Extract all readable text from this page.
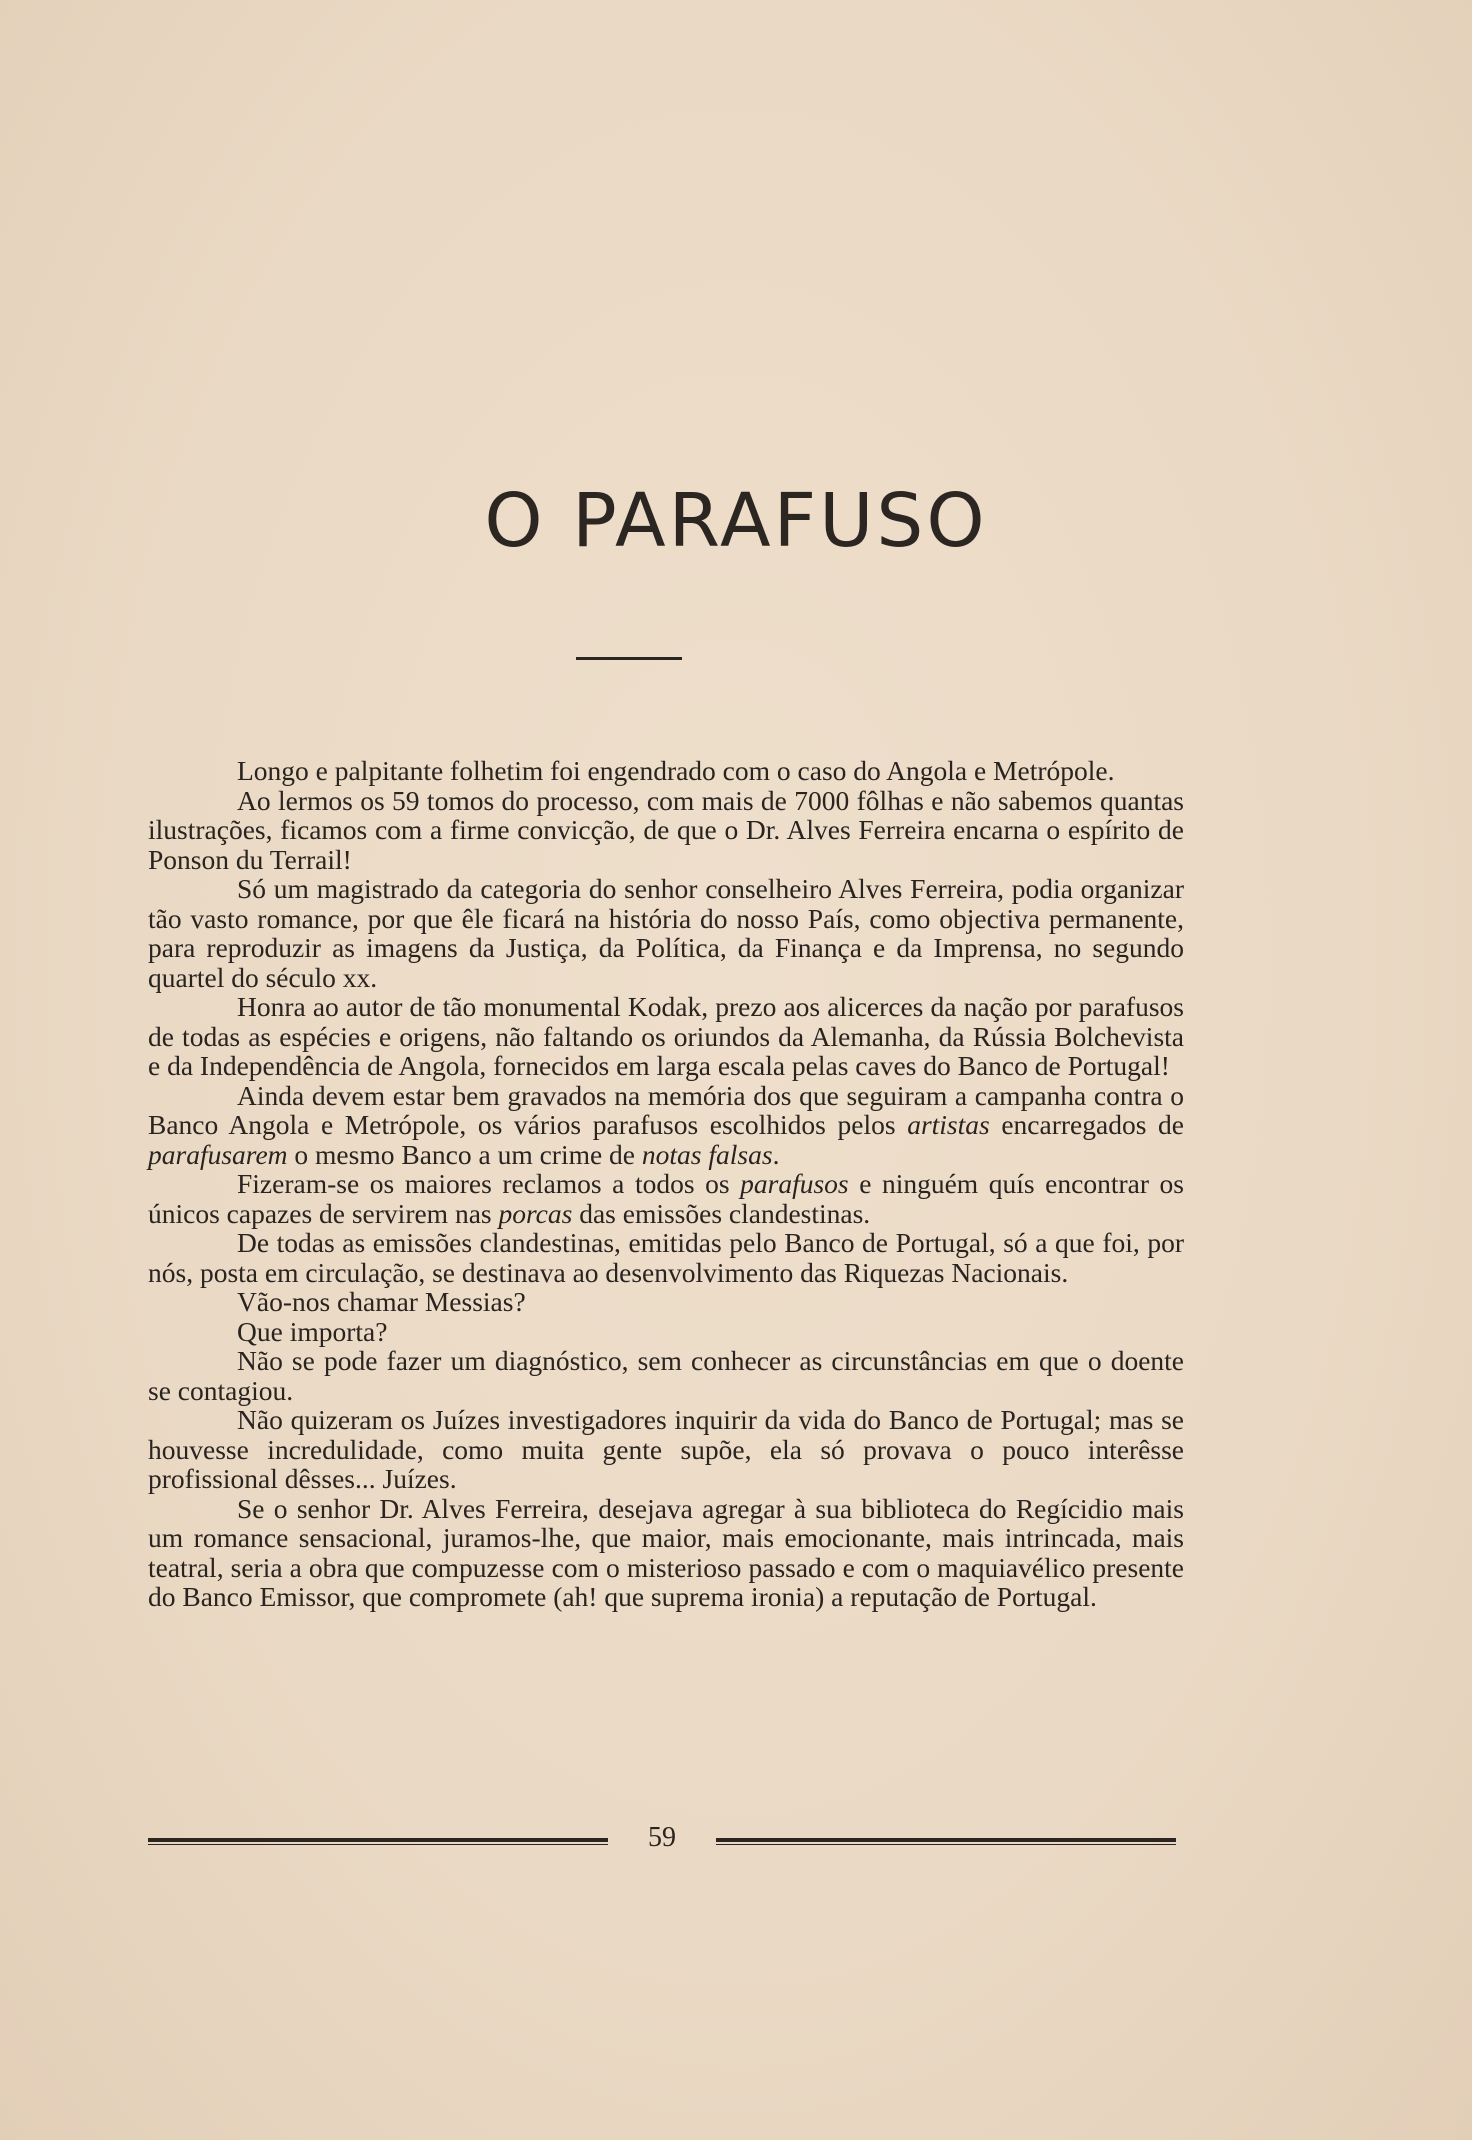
O PARAFUSO

Longo e palpitante folhetim foi engendrado com o caso do Angola e Metrópole.

Ao lermos os 59 tomos do processo, com mais de 7000 fôlhas e não sabemos quantas ilustrações, ficamos com a firme convicção, de que o Dr. Alves Ferreira encarna o espírito de Ponson du Terrail!

Só um magistrado da categoria do senhor conselheiro Alves Ferreira, podia organizar tão vasto romance, por que êle ficará na história do nosso País, como objectiva permanente, para reproduzir as imagens da Justiça, da Política, da Finança e da Imprensa, no segundo quartel do século xx.

Honra ao autor de tão monumental Kodak, prezo aos alicerces da nação por parafusos de todas as espécies e origens, não faltando os oriundos da Alemanha, da Rússia Bolchevista e da Independência de Angola, fornecidos em larga escala pelas caves do Banco de Portugal!

Ainda devem estar bem gravados na memória dos que seguiram a campanha contra o Banco Angola e Metrópole, os vários parafusos escolhidos pelos artistas encarregados de parafusarem o mesmo Banco a um crime de notas falsas.

Fizeram-se os maiores reclamos a todos os parafusos e ninguém quís encontrar os únicos capazes de servirem nas porcas das emissões clandestinas.

De todas as emissões clandestinas, emitidas pelo Banco de Portugal, só a que foi, por nós, posta em circulação, se destinava ao desenvolvimento das Riquezas Nacionais.

Vão-nos chamar Messias?

Que importa?

Não se pode fazer um diagnóstico, sem conhecer as circunstâncias em que o doente se contagiou.

Não quizeram os Juízes investigadores inquirir da vida do Banco de Portugal; mas se houvesse incredulidade, como muita gente supõe, ela só provava o pouco interêsse profissional dêsses... Juízes.

Se o senhor Dr. Alves Ferreira, desejava agregar à sua biblioteca do Regícidio mais um romance sensacional, juramos-lhe, que maior, mais emocionante, mais intrincada, mais teatral, seria a obra que compuzesse com o misterioso passado e com o maquiavélico presente do Banco Emissor, que compromete (ah! que suprema ironia) a reputação de Portugal.

59
